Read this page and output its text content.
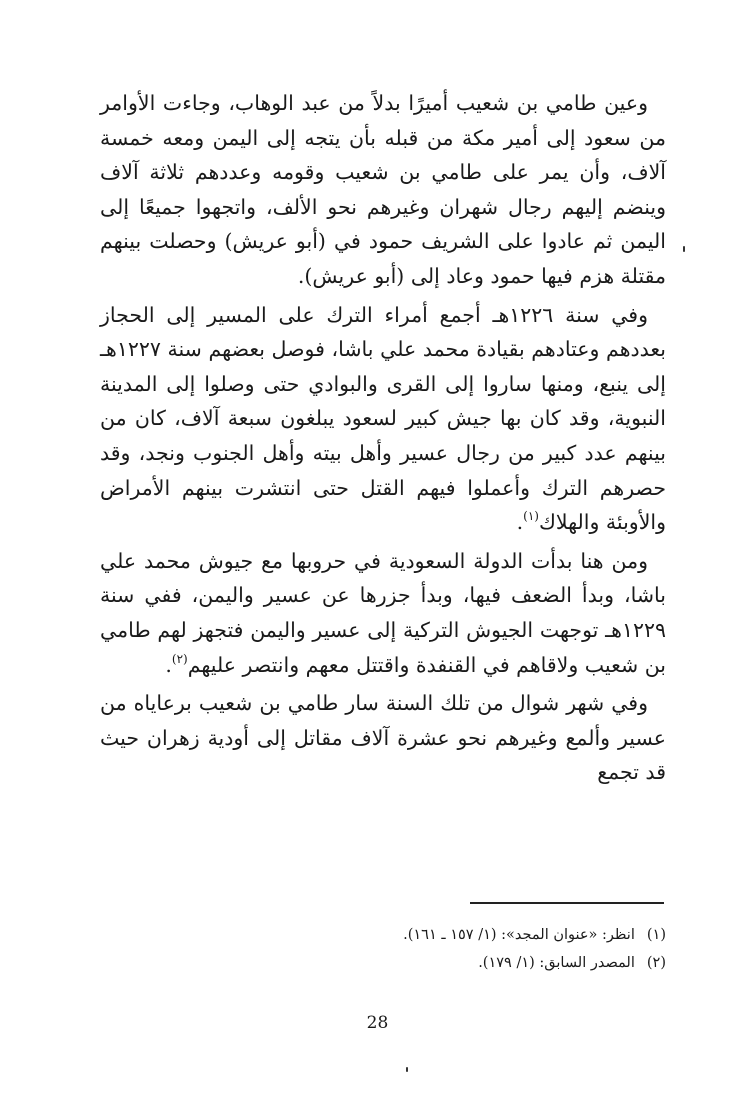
وعين طامي بن شعيب أميرًا بدلاً من عبد الوهاب، وجاءت الأوامر من سعود إلى أمير مكة من قبله بأن يتجه إلى اليمن ومعه خمسة آلاف، وأن يمر على طامي بن شعيب وقومه وعددهم ثلاثة آلاف وينضم إليهم رجال شهران وغيرهم نحو الألف، واتجهوا جميعًا إلى اليمن ثم عادوا على الشريف حمود في (أبو عريش) وحصلت بينهم مقتلة هزم فيها حمود وعاد إلى (أبو عريش).

وفي سنة ١٢٢٦هـ أجمع أمراء الترك على المسير إلى الحجاز بعددهم وعتادهم بقيادة محمد علي باشا، فوصل بعضهم سنة ١٢٢٧هـ إلى ينبع، ومنها ساروا إلى القرى والبوادي حتى وصلوا إلى المدينة النبوية، وقد كان بها جيش كبير لسعود يبلغون سبعة آلاف، كان من بينهم عدد كبير من رجال عسير وأهل بيته وأهل الجنوب ونجد، وقد حصرهم الترك وأعملوا فيهم القتل حتى انتشرت بينهم الأمراض والأوبئة والهلاك$^{(١)}$.

ومن هنا بدأت الدولة السعودية في حروبها مع جيوش محمد علي باشا، وبدأ الضعف فيها، وبدأ جزرها عن عسير واليمن، ففي سنة ١٢٢٩هـ توجهت الجيوش التركية إلى عسير واليمن فتجهز لهم طامي بن شعيب ولاقاهم في القنفدة واقتتل معهم وانتصر عليهم$^{(٢)}$.

وفي شهر شوال من تلك السنة سار طامي بن شعيب برعاياه من عسير وألمع وغيرهم نحو عشرة آلاف مقاتل إلى أودية زهران حيث قد تجمع

(١)انظر: «عنوان المجد»: (١/ ١٥٧ ـ ١٦١).

(٢)المصدر السابق: (١/ ١٧٩).

28
